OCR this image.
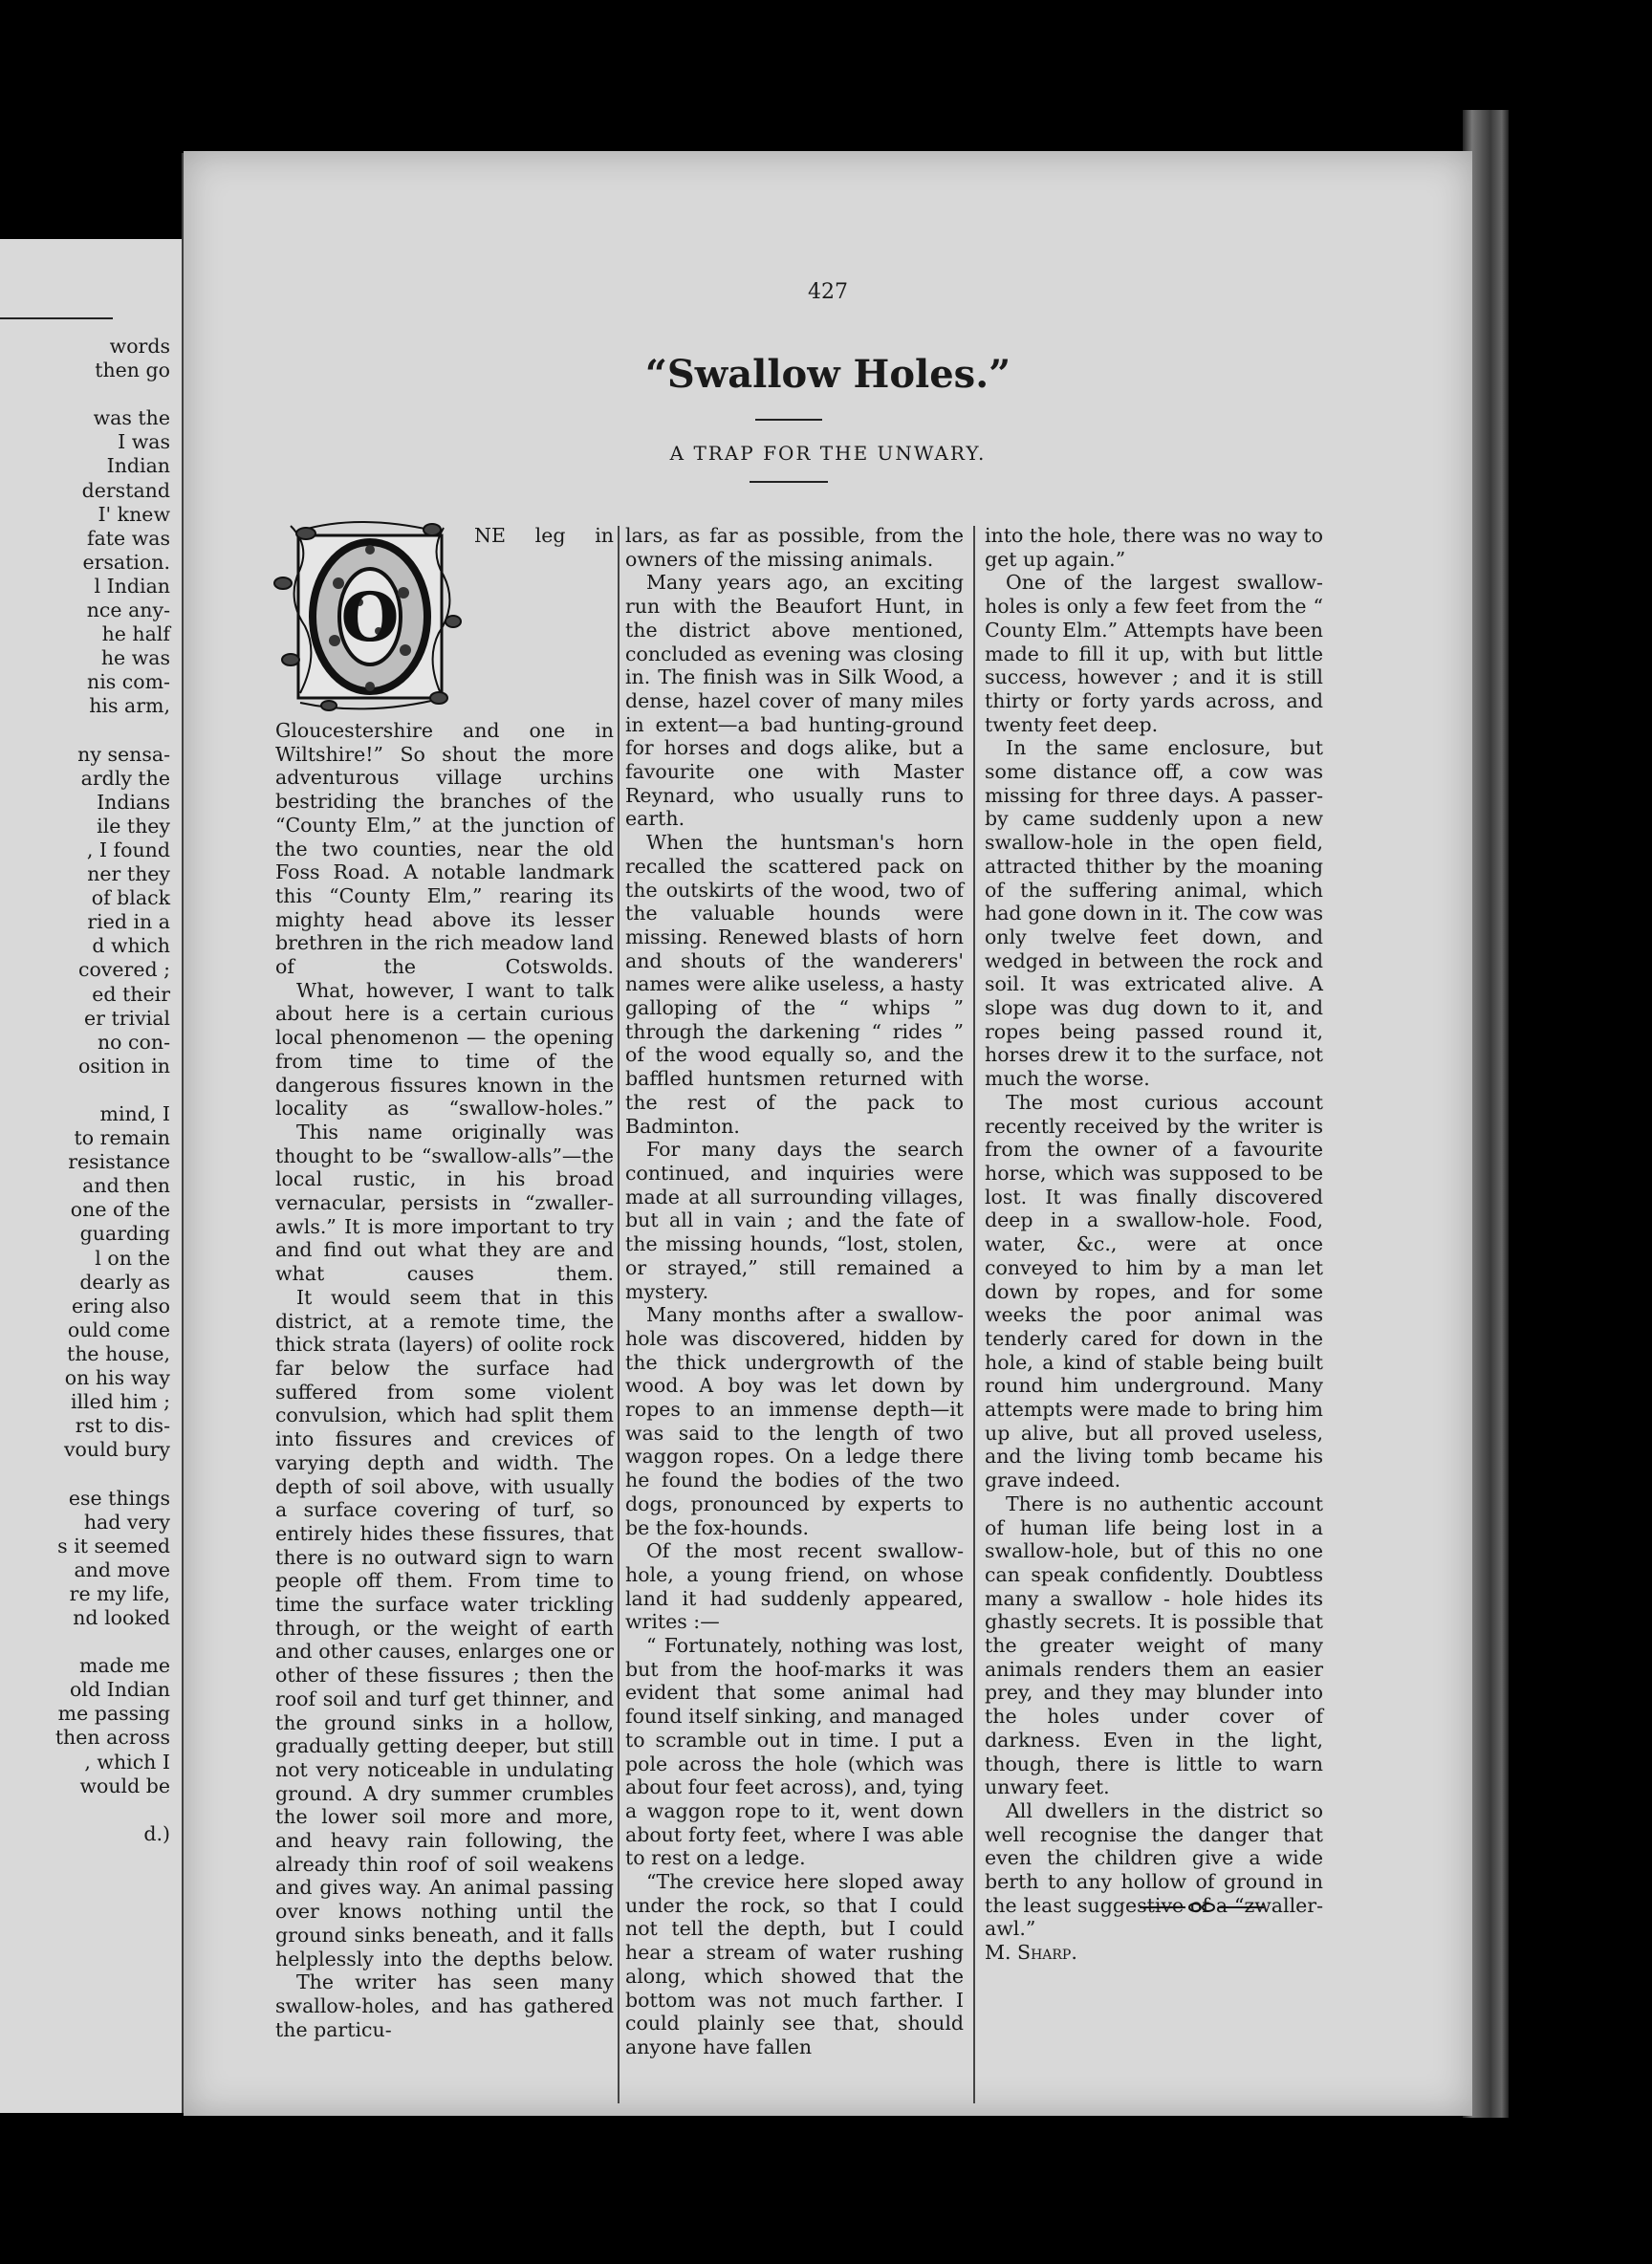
words
then go

was the
I was
Indian
derstand
I' knew
fate was
ersation.
l Indian
nce any-
he half
he was
nis com-
his arm,

ny sensa-
ardly the
Indians
ile they
, I found
ner they
of black
ried in a
d which
covered ;
ed their
er trivial
no con-
osition in

mind, I
to remain
resistance
and then
one of the
guarding
l on the
dearly as
ering also
ould come
the house,
on his way
illed him ;
rst to dis-
vould bury

ese things
had very
s it seemed
and move
re my life,
nd looked

made me
old Indian
me passing
then across
, which I
would be

d.)
427
“Swallow Holes.”
A TRAP FOR THE UNWARY.
O

NE leg in Gloucestershire and one in Wiltshire!” So shout the more adventurous village urchins bestriding the branches of the “County Elm,” at the junction of the two counties, near the old Foss Road. A notable landmark this “County Elm,” rearing its mighty head above its lesser brethren in the rich meadow land of the Cotswolds.

What, however, I want to talk about here is a certain curious local phenomenon — the opening from time to time of the dangerous fissures known in the locality as “swallow-holes.”

This name originally was thought to be “swallow-alls”—the local rustic, in his broad vernacular, persists in “zwaller-awls.” It is more important to try and find out what they are and what causes them.

It would seem that in this district, at a remote time, the thick strata (layers) of oolite rock far below the surface had suffered from some violent convulsion, which had split them into fissures and crevices of varying depth and width. The depth of soil above, with usually a surface covering of turf, so entirely hides these fissures, that there is no outward sign to warn people off them. From time to time the surface water trickling through, or the weight of earth and other causes, enlarges one or other of these fissures ; then the roof soil and turf get thinner, and the ground sinks in a hollow, gradually getting deeper, but still not very noticeable in undulating ground. A dry summer crumbles the lower soil more and more, and heavy rain following, the already thin roof of soil weakens and gives way. An animal passing over knows nothing until the ground sinks beneath, and it falls helplessly into the depths below.

The writer has seen many swallow-holes, and has gathered the particu-

lars, as far as possible, from the owners of the missing animals.

Many years ago, an exciting run with the Beaufort Hunt, in the district above mentioned, concluded as evening was closing in. The finish was in Silk Wood, a dense, hazel cover of many miles in extent—a bad hunting-ground for horses and dogs alike, but a favourite one with Master Reynard, who usually runs to earth.

When the huntsman's horn recalled the scattered pack on the outskirts of the wood, two of the valuable hounds were missing. Renewed blasts of horn and shouts of the wanderers' names were alike useless, a hasty galloping of the “ whips ” through the darkening “ rides ” of the wood equally so, and the baffled huntsmen returned with the rest of the pack to Badminton.

For many days the search continued, and inquiries were made at all surrounding villages, but all in vain ; and the fate of the missing hounds, “lost, stolen, or strayed,” still remained a mystery.

Many months after a swallow-hole was discovered, hidden by the thick undergrowth of the wood. A boy was let down by ropes to an immense depth—it was said to the length of two waggon ropes. On a ledge there he found the bodies of the two dogs, pronounced by experts to be the fox-hounds.

Of the most recent swallow-hole, a young friend, on whose land it had suddenly appeared, writes :—

“ Fortunately, nothing was lost, but from the hoof-marks it was evident that some animal had found itself sinking, and managed to scramble out in time. I put a pole across the hole (which was about four feet across), and, tying a waggon rope to it, went down about forty feet, where I was able to rest on a ledge.

“The crevice here sloped away under the rock, so that I could not tell the depth, but I could hear a stream of water rushing along, which showed that the bottom was not much farther. I could plainly see that, should anyone have fallen

into the hole, there was no way to get up again.”

One of the largest swallow-holes is only a few feet from the “ County Elm.” Attempts have been made to fill it up, with but little success, however ; and it is still thirty or forty yards across, and twenty feet deep.

In the same enclosure, but some distance off, a cow was missing for three days. A passer-by came suddenly upon a new swallow-hole in the open field, attracted thither by the moaning of the suffering animal, which had gone down in it. The cow was only twelve feet down, and wedged in between the rock and soil. It was extricated alive. A slope was dug down to it, and ropes being passed round it, horses drew it to the surface, not much the worse.

The most curious account recently received by the writer is from the owner of a favourite horse, which was supposed to be lost. It was finally discovered deep in a swallow-hole. Food, water, &c., were at once conveyed to him by a man let down by ropes, and for some weeks the poor animal was tenderly cared for down in the hole, a kind of stable being built round him underground. Many attempts were made to bring him up alive, but all proved useless, and the living tomb became his grave indeed.

There is no authentic account of human life being lost in a swallow-hole, but of this no one can speak confidently. Doubtless many a swallow - hole hides its ghastly secrets. It is possible that the greater weight of many animals renders them an easier prey, and they may blunder into the holes under cover of darkness. Even in the light, though, there is little to warn unwary feet.

All dwellers in the district so well recognise the danger that even the children give a wide berth to any hollow of ground in the least suggestive of a “zwaller-awl.”

M. Sharp.
